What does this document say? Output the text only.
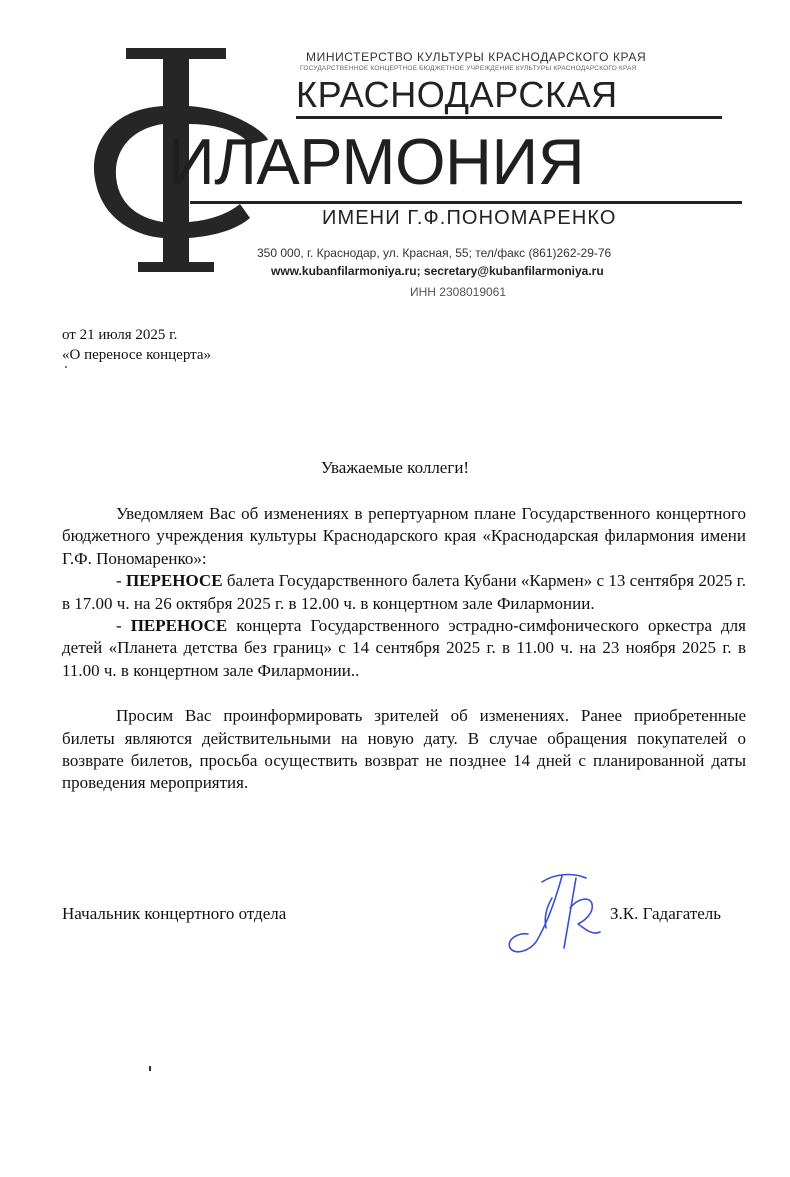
МИНИСТЕРСТВО КУЛЬТУРЫ КРАСНОДАРСКОГО КРАЯ
ГОСУДАРСТВЕННОЕ КОНЦЕРТНОЕ БЮДЖЕТНОЕ УЧРЕЖДЕНИЕ КУЛЬТУРЫ КРАСНОДАРСКОГО КРАЯ
КРАСНОДАРСКАЯ
ИЛАРМОНИЯ
ИМЕНИ Г.Ф.ПОНОМАРЕНКО
350 000, г. Краснодар, ул. Красная, 55; тел/факс (861)262-29-76
www.kubanfilarmoniya.ru; secretary@kubanfilarmoniya.ru
ИНН 2308019061
от 21 июля 2025 г.
«О переносе концерта»
Уважаемые коллеги!

Уведомляем Вас об изменениях в репертуарном плане Государственного концертного бюджетного учреждения культуры Краснодарского края «Краснодарская филармония имени Г.Ф. Пономаренко»:

- ПЕРЕНОСЕ балета Государственного балета Кубани «Кармен» с 13 сентября 2025 г. в 17.00 ч. на 26 октября 2025 г. в 12.00 ч. в концертном зале Филармонии.

- ПЕРЕНОСЕ концерта Государственного эстрадно-симфонического оркестра для детей «Планета детства без границ» с 14 сентября 2025 г. в 11.00 ч. на 23 ноября 2025 г. в 11.00 ч. в концертном зале Филармонии..

Просим Вас проинформировать зрителей об изменениях. Ранее приобретенные билеты являются действительными на новую дату. В случае обращения покупателей о возврате билетов, просьба осуществить возврат не позднее 14 дней с планированной даты проведения мероприятия.

Начальник концертного отдела	З.К. Гадагатель
